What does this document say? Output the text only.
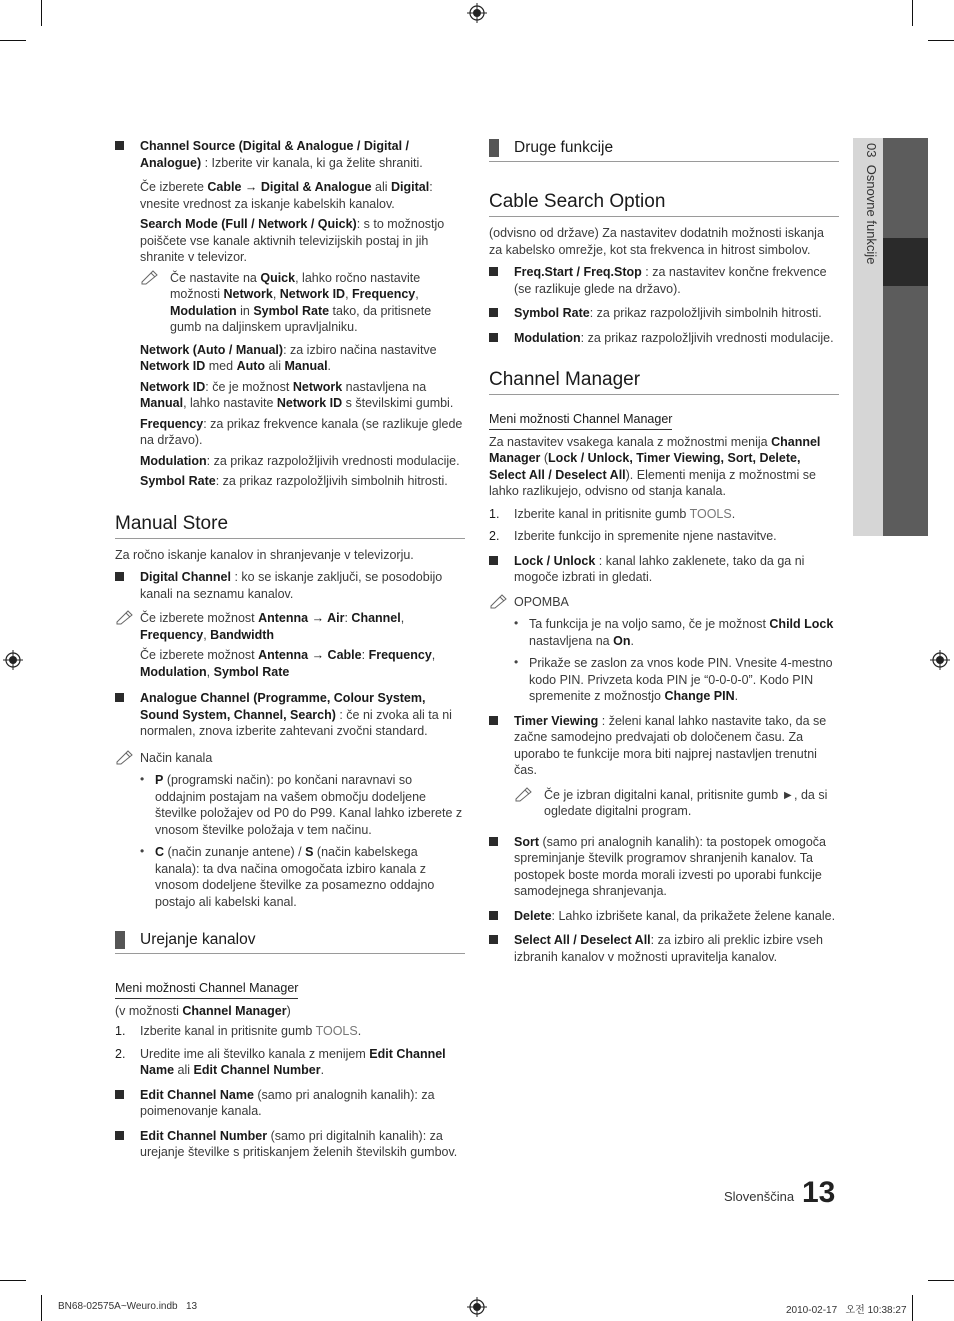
03  Osnovne funkcije
Channel Source (Digital & Analogue / Digital / Analogue) : Izberite vir kanala, ki ga želite shraniti.
Če izberete Cable → Digital & Analogue ali Digital: vnesite vrednost za iskanje kabelskih kanalov.
Search Mode (Full / Network / Quick): s to možnostjo poiščete vse kanale aktivnih televizijskih postaj in jih shranite v televizor.
Če nastavite na Quick, lahko ročno nastavite možnosti Network, Network ID, Frequency, Modulation in Symbol Rate tako, da pritisnete gumb na daljinskem upravljalniku.
Network (Auto / Manual): za izbiro načina nastavitve Network ID med Auto ali Manual.
Network ID: če je možnost Network nastavljena na Manual, lahko nastavite Network ID s številskimi gumbi.
Frequency: za prikaz frekvence kanala (se razlikuje glede na državo).
Modulation: za prikaz razpoložljivih vrednosti modulacije.
Symbol Rate: za prikaz razpoložljivih simbolnih hitrosti.
Manual Store
Za ročno iskanje kanalov in shranjevanje v televizorju.
Digital Channel : ko se iskanje zaključi, se posodobijo kanali na seznamu kanalov.
Če izberete možnost Antenna → Air: Channel, Frequency, Bandwidth
Če izberete možnost Antenna → Cable: Frequency, Modulation, Symbol Rate
Analogue Channel (Programme, Colour System, Sound System, Channel, Search) : če ni zvoka ali ta ni normalen, znova izberite zahtevani zvočni standard.
Način kanala
• P (programski način): po končani naravnavi so oddajnim postajam na vašem območju dodeljene številke položajev od P0 do P99. Kanal lahko izberete z vnosom številke položaja v tem načinu.
• C (način zunanje antene) / S (način kabelskega kanala): ta dva načina omogočata izbiro kanala z vnosom dodeljene številke za posamezno oddajno postajo ali kabelski kanal.
Urejanje kanalov
Meni možnosti Channel Manager
(v možnosti Channel Manager)
1. Izberite kanal in pritisnite gumb TOOLS.
2. Uredite ime ali številko kanala z menijem Edit Channel Name ali Edit Channel Number.
Edit Channel Name (samo pri analognih kanalih): za poimenovanje kanala.
Edit Channel Number (samo pri digitalnih kanalih): za urejanje številke s pritiskanjem želenih številskih gumbov.
Druge funkcije
Cable Search Option
(odvisno od države) Za nastavitev dodatnih možnosti iskanja za kabelsko omrežje, kot sta frekvenca in hitrost simbolov.
Freq.Start / Freq.Stop : za nastavitev končne frekvence (se razlikuje glede na državo).
Symbol Rate: za prikaz razpoložljivih simbolnih hitrosti.
Modulation: za prikaz razpoložljivih vrednosti modulacije.
Channel Manager
Meni možnosti Channel Manager
Za nastavitev vsakega kanala z možnostmi menija Channel Manager (Lock / Unlock, Timer Viewing, Sort, Delete, Select All / Deselect All). Elementi menija z možnostmi se lahko razlikujejo, odvisno od stanja kanala.
1. Izberite kanal in pritisnite gumb TOOLS.
2. Izberite funkcijo in spremenite njene nastavitve.
Lock / Unlock : kanal lahko zaklenete, tako da ga ni mogoče izbrati in gledati.
OPOMBA
• Ta funkcija je na voljo samo, če je možnost Child Lock nastavljena na On.
• Prikaže se zaslon za vnos kode PIN. Vnesite 4-mestno kodo PIN. Privzeta koda PIN je “0-0-0-0”. Kodo PIN spremenite z možnostjo Change PIN.
Timer Viewing : želeni kanal lahko nastavite tako, da se začne samodejno predvajati ob določenem času. Za uporabo te funkcije mora biti najprej nastavljen trenutni čas.
Če je izbran digitalni kanal, pritisnite gumb ►, da si ogledate digitalni program.
Sort (samo pri analognih kanalih): ta postopek omogoča spreminjanje številk programov shranjenih kanalov. Ta postopek boste morda morali izvesti po uporabi funkcije samodejnega shranjevanja.
Delete: Lahko izbrišete kanal, da prikažete želene kanale.
Select All / Deselect All: za izbiro ali preklic izbire vseh izbranih kanalov v možnosti upravitelja kanalov.
Slovenščina 13
BN68-02575A~Weuro.indb   13	2010-02-17   오전 10:38:27
